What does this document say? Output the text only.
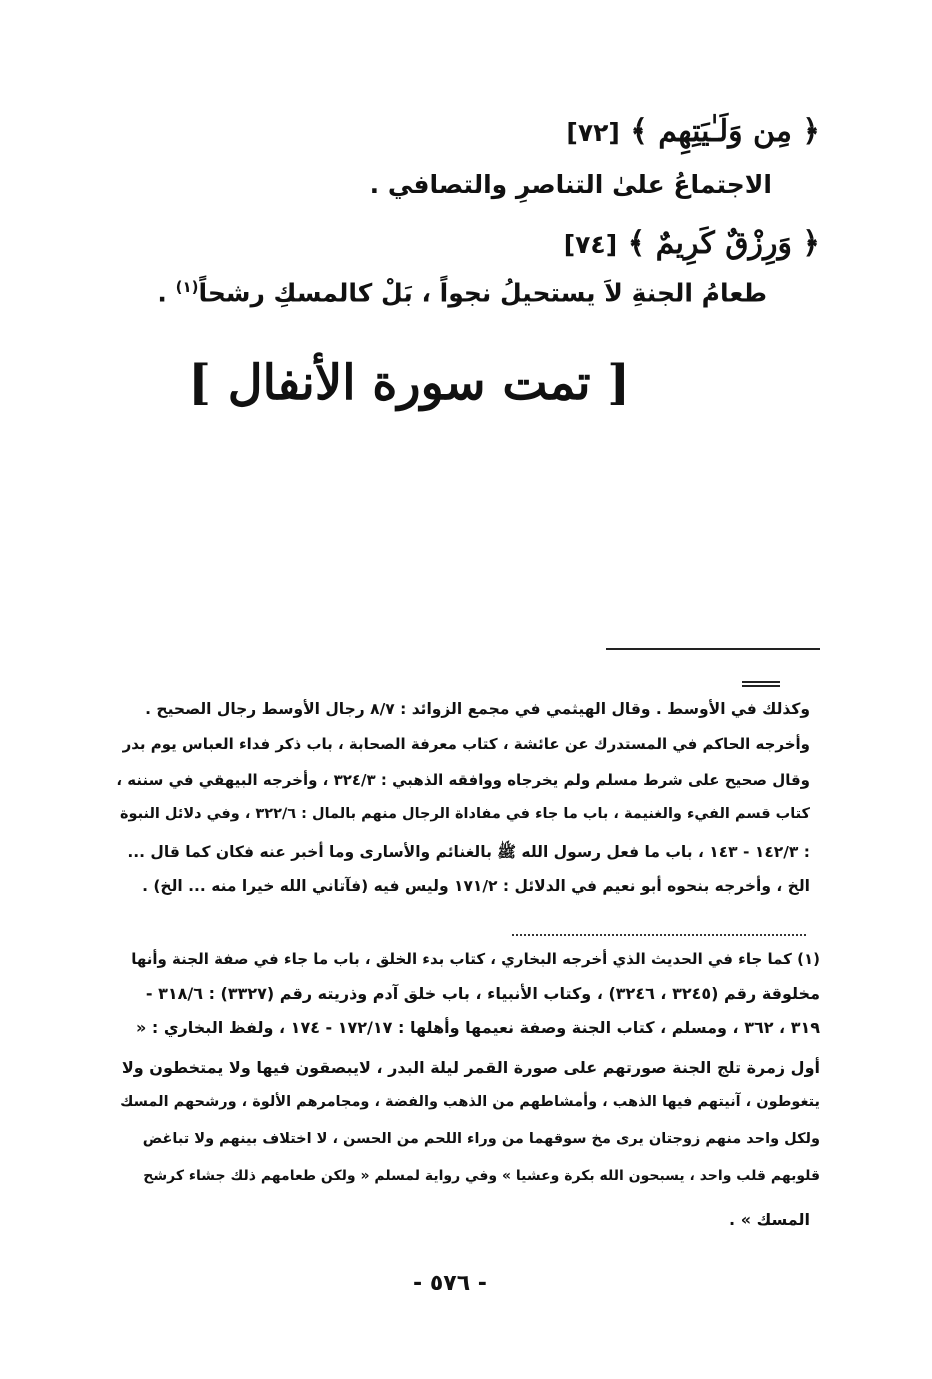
﴿ مِن وَلَـٰيَتِهِم ﴾ [٧٢]
الاجتماعُ علىٰ التناصرِ والتصافي .
﴿ وَرِزْقٌ كَرِيمٌ ﴾ [٧٤]
طعامُ الجنةِ لاَ يستحيلُ نجواً ، بَلْ كالمسكِ رشحاً$^{(١)}$ .
[ تمت سورة الأنفال ]
وكذلك في الأوسط . وقال الهيثمي في مجمع الزوائد : ٨/٧ رجال الأوسط رجال الصحيح .
وأخرجه الحاكم في المستدرك عن عائشة ، كتاب معرفة الصحابة ، باب ذكر فداء العباس يوم بدر
وقال صحيح على شرط مسلم ولم يخرجاه ووافقه الذهبي : ٣٢٤/٣ ، وأخرجه البيهقي في سننه ،
كتاب قسم الفيء والغنيمة ، باب ما جاء في مفاداة الرجال منهم بالمال : ٣٢٢/٦ ، وفي دلائل النبوة
: ١٤٢/٣ - ١٤٣ ، باب ما فعل رسول الله ﷺ بالغنائم والأسارى وما أخبر عنه فكان كما قال ...
الخ ، وأخرجه بنحوه أبو نعيم في الدلائل : ١٧١/٢ وليس فيه (فآتاني الله خيرا منه ... الخ) .
(١) كما جاء في الحديث الذي أخرجه البخاري ، كتاب بدء الخلق ، باب ما جاء في صفة الجنة وأنها
مخلوقة رقم (٣٢٤٥ ، ٣٢٤٦) ، وكتاب الأنبياء ، باب خلق آدم وذريته رقم (٣٣٢٧) : ٣١٨/٦ -
٣١٩ ، ٣٦٢ ، ومسلم ، كتاب الجنة وصفة نعيمها وأهلها : ١٧٢/١٧ - ١٧٤ ، ولفظ البخاري : «
أول زمرة تلج الجنة صورتهم على صورة القمر ليلة البدر ، لايبصقون فيها ولا يمتخطون ولا
يتغوطون ، آنيتهم فيها الذهب ، وأمشاطهم من الذهب والفضة ، ومجامرهم الألوة ، ورشحهم المسك
ولكل واحد منهم زوجتان يرى مخ سوقهما من وراء اللحم من الحسن ، لا اختلاف بينهم ولا تباغض
قلوبهم قلب واحد ، يسبحون الله بكرة وعشيا » وفي رواية لمسلم « ولكن طعامهم ذلك جشاء كرشح
المسك » .
- ٥٧٦ -
